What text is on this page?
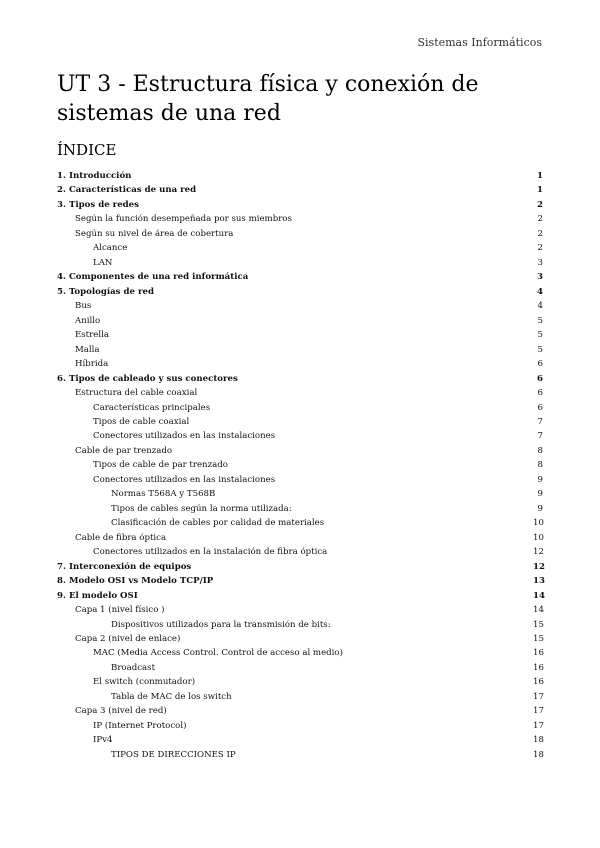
Sistemas Informáticos
UT 3 - Estructura física y conexión de sistemas de una red
ÍNDICE
1. Introducción	1
2. Características de una red	1
3. Tipos de redes	2
Según la función desempeñada por sus miembros	2
Según su nivel de área de cobertura	2
Alcance	2
LAN	3
4. Componentes de una red informática	3
5. Topologías de red	4
Bus	4
Anillo	5
Estrella	5
Malla	5
Híbrida	6
6. Tipos de cableado y sus conectores	6
Estructura del cable coaxial	6
Características principales	6
Tipos de cable coaxial	7
Conectores utilizados en las instalaciones	7
Cable de par trenzado	8
Tipos de cable de par trenzado	8
Conectores utilizados en las instalaciones	9
Normas T568A y T568B	9
Tipos de cables según la norma utilizada:	9
Clasificación de cables por calidad de materiales	10
Cable de fibra óptica	10
Conectores utilizados en la instalación de fibra óptica	12
7. Interconexión de equipos	12
8. Modelo OSI vs Modelo TCP/IP	13
9. El modelo OSI	14
Capa 1 (nivel físico )	14
Dispositivos utilizados para la transmisión de bits:	15
Capa 2 (nivel de enlace)	15
MAC (Media Access Control. Control de acceso al medio)	16
Broadcast	16
El switch (conmutador)	16
Tabla de MAC de los switch	17
Capa 3 (nivel de red)	17
IP (Internet Protocol)	17
IPv4	18
TIPOS DE DIRECCIONES IP	18
